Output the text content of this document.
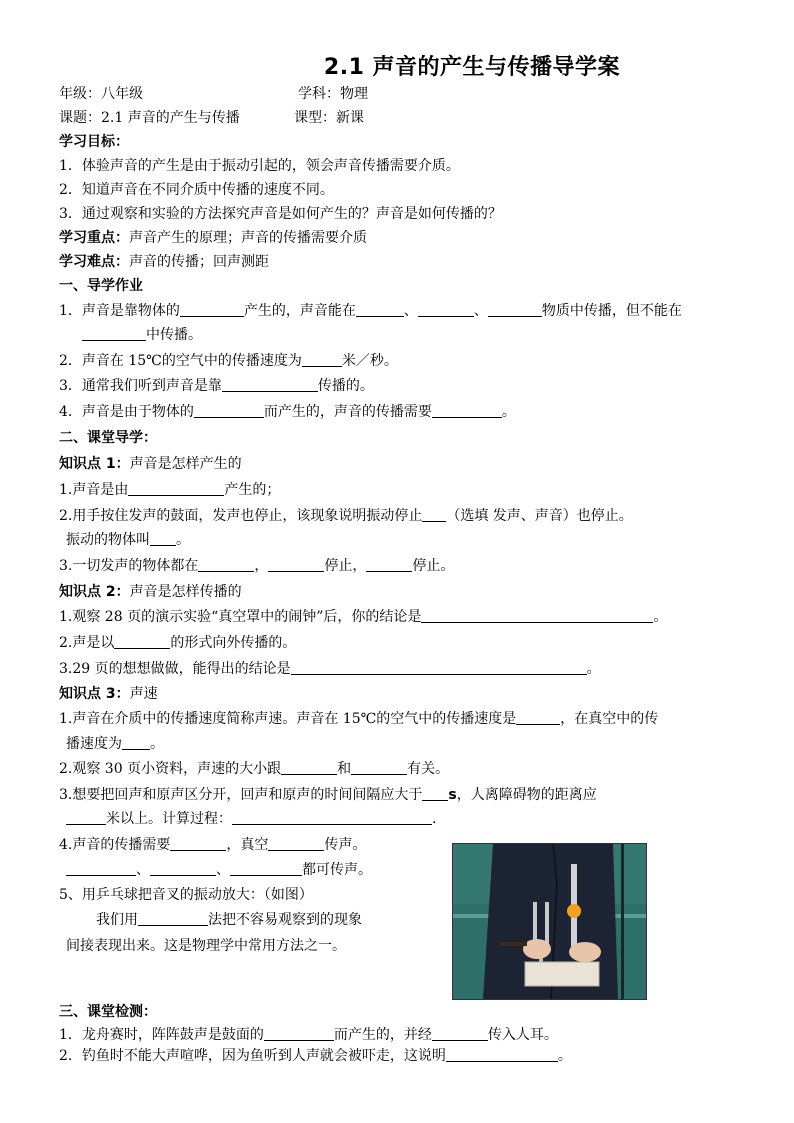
2.1 声音的产生与传播导学案
年级：八年级	学科：物理
课题：2.1 声音的产生与传播	课型：新课
学习目标：
1．体验声音的产生是由于振动引起的，领会声音传播需要介质。
2．知道声音在不同介质中传播的速度不同。
3．通过观察和实验的方法探究声音是如何产生的？声音是如何传播的？
学习重点：声音产生的原理；声音的传播需要介质
学习难点：声音的传播；回声测距
一、导学作业
1．声音是靠物体的	产生的，声音能在	、	、	物质中传播，但不能在
中传播。
2．声音在 15℃的空气中的传播速度为	米／秒。
3．通常我们听到声音是靠	传播的。
4．声音是由于物体的	而产生的，声音的传播需要	。
二、课堂导学：
知识点 1：声音是怎样产生的
1.声音是由	产生的；
2.用手按住发声的鼓面，发声也停止，该现象说明振动停止 （选填 发声、声音）也停止。
振动的物体叫 。
3.一切发声的物体都在	，	停止，	停止。
知识点 2：声音是怎样传播的
1.观察 28 页的演示实验“真空罩中的闹钟”后，你的结论是	。
2.声是以	的形式向外传播的。
3.29 页的想想做做，能得出的结论是	。
知识点 3：声速
1.声音在介质中的传播速度简称声速。声音在 15℃的空气中的传播速度是	，在真空中的传
播速度为 。
2.观察 30 页小资料，声速的大小跟	和	有关。
3.想要把回声和原声区分开，回声和原声的时间间隔应大于 s，人离障碍物的距离应
米以上。计算过程：	.
4.声音的传播需要	，真空	传声。
、	、	都可传声。
5、用乒乓球把音叉的振动放大：（如图）
我们用	法把不容易观察到的现象
间接表现出来。这是物理学中常用方法之一。
三、课堂检测：
1．龙舟赛时，阵阵鼓声是鼓面的	而产生的，并经	传入人耳。
2．钓鱼时不能大声喧哗，因为鱼听到人声就会被吓走，这说明	。
